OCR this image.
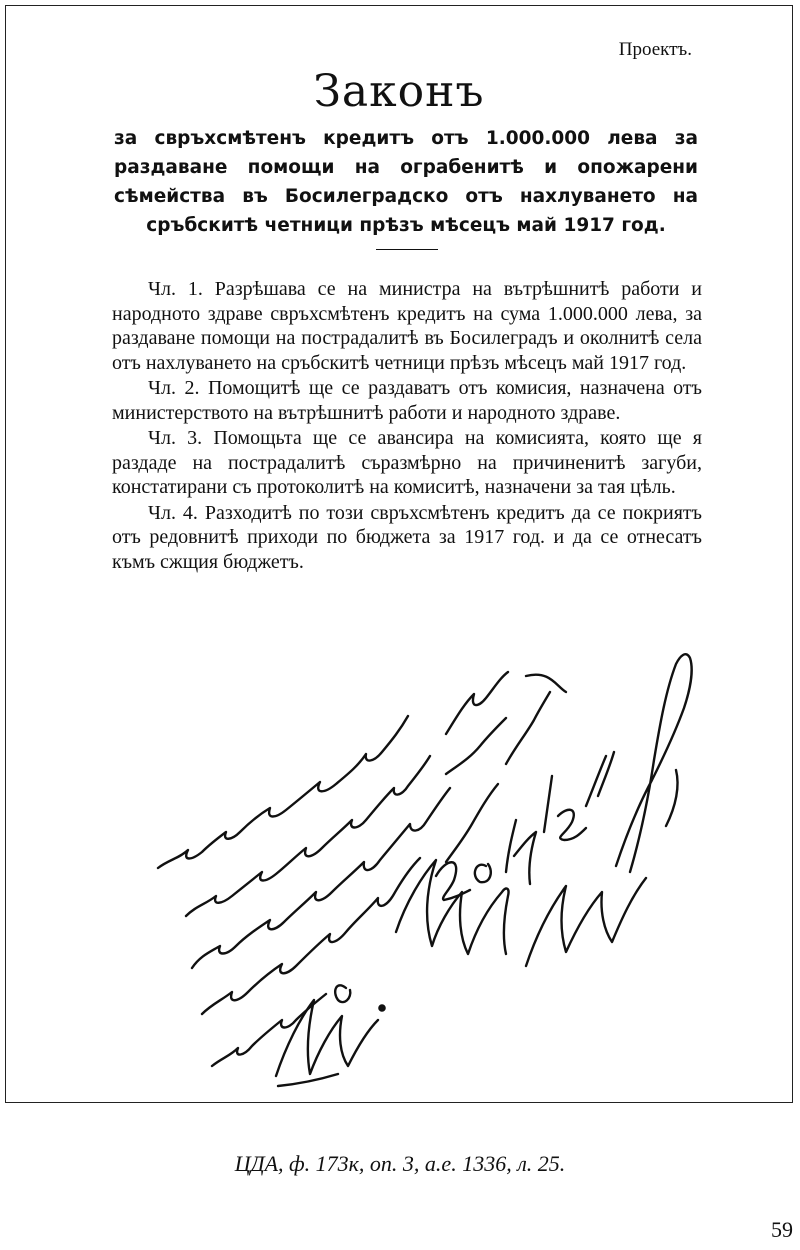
Проектъ.
Законъ
за свръхсмѣтенъ кредитъ отъ 1.000.000 лева за раздаване помощи на ограбенитѣ и опожарени сѣмейства въ Босилеградско отъ нахлуването на сръбскитѣ четници прѣзъ мѣсецъ май 1917 год.

Чл. 1. Разрѣшава се на министра на вътрѣшнитѣ работи и народното здраве свръхсмѣтенъ кредитъ на сума 1.000.000 лева, за раздаване помощи на пострадалитѣ въ Босилеградъ и околнитѣ села отъ нахлуването на сръбскитѣ четници прѣзъ мѣсецъ май 1917 год.

Чл. 2. Помощитѣ ще се раздаватъ отъ комисия, назначена отъ министерството на вътрѣшнитѣ работи и народното здраве.

Чл. 3. Помощьта ще се авансира на комисията, която ще я раздаде на пострадалитѣ съразмѣрно на причиненитѣ загуби, констатирани съ протоколитѣ на комиситѣ, назначени за тая цѣль.

Чл. 4. Разходитѣ по този свръхсмѣтенъ кредитъ да се покриятъ отъ редовнитѣ приходи по бюджета за 1917 год. и да се отнесатъ къмъ сжщия бюджетъ.

ЦДА, ф. 173к, оп. 3, а.е. 1336, л. 25.
59
